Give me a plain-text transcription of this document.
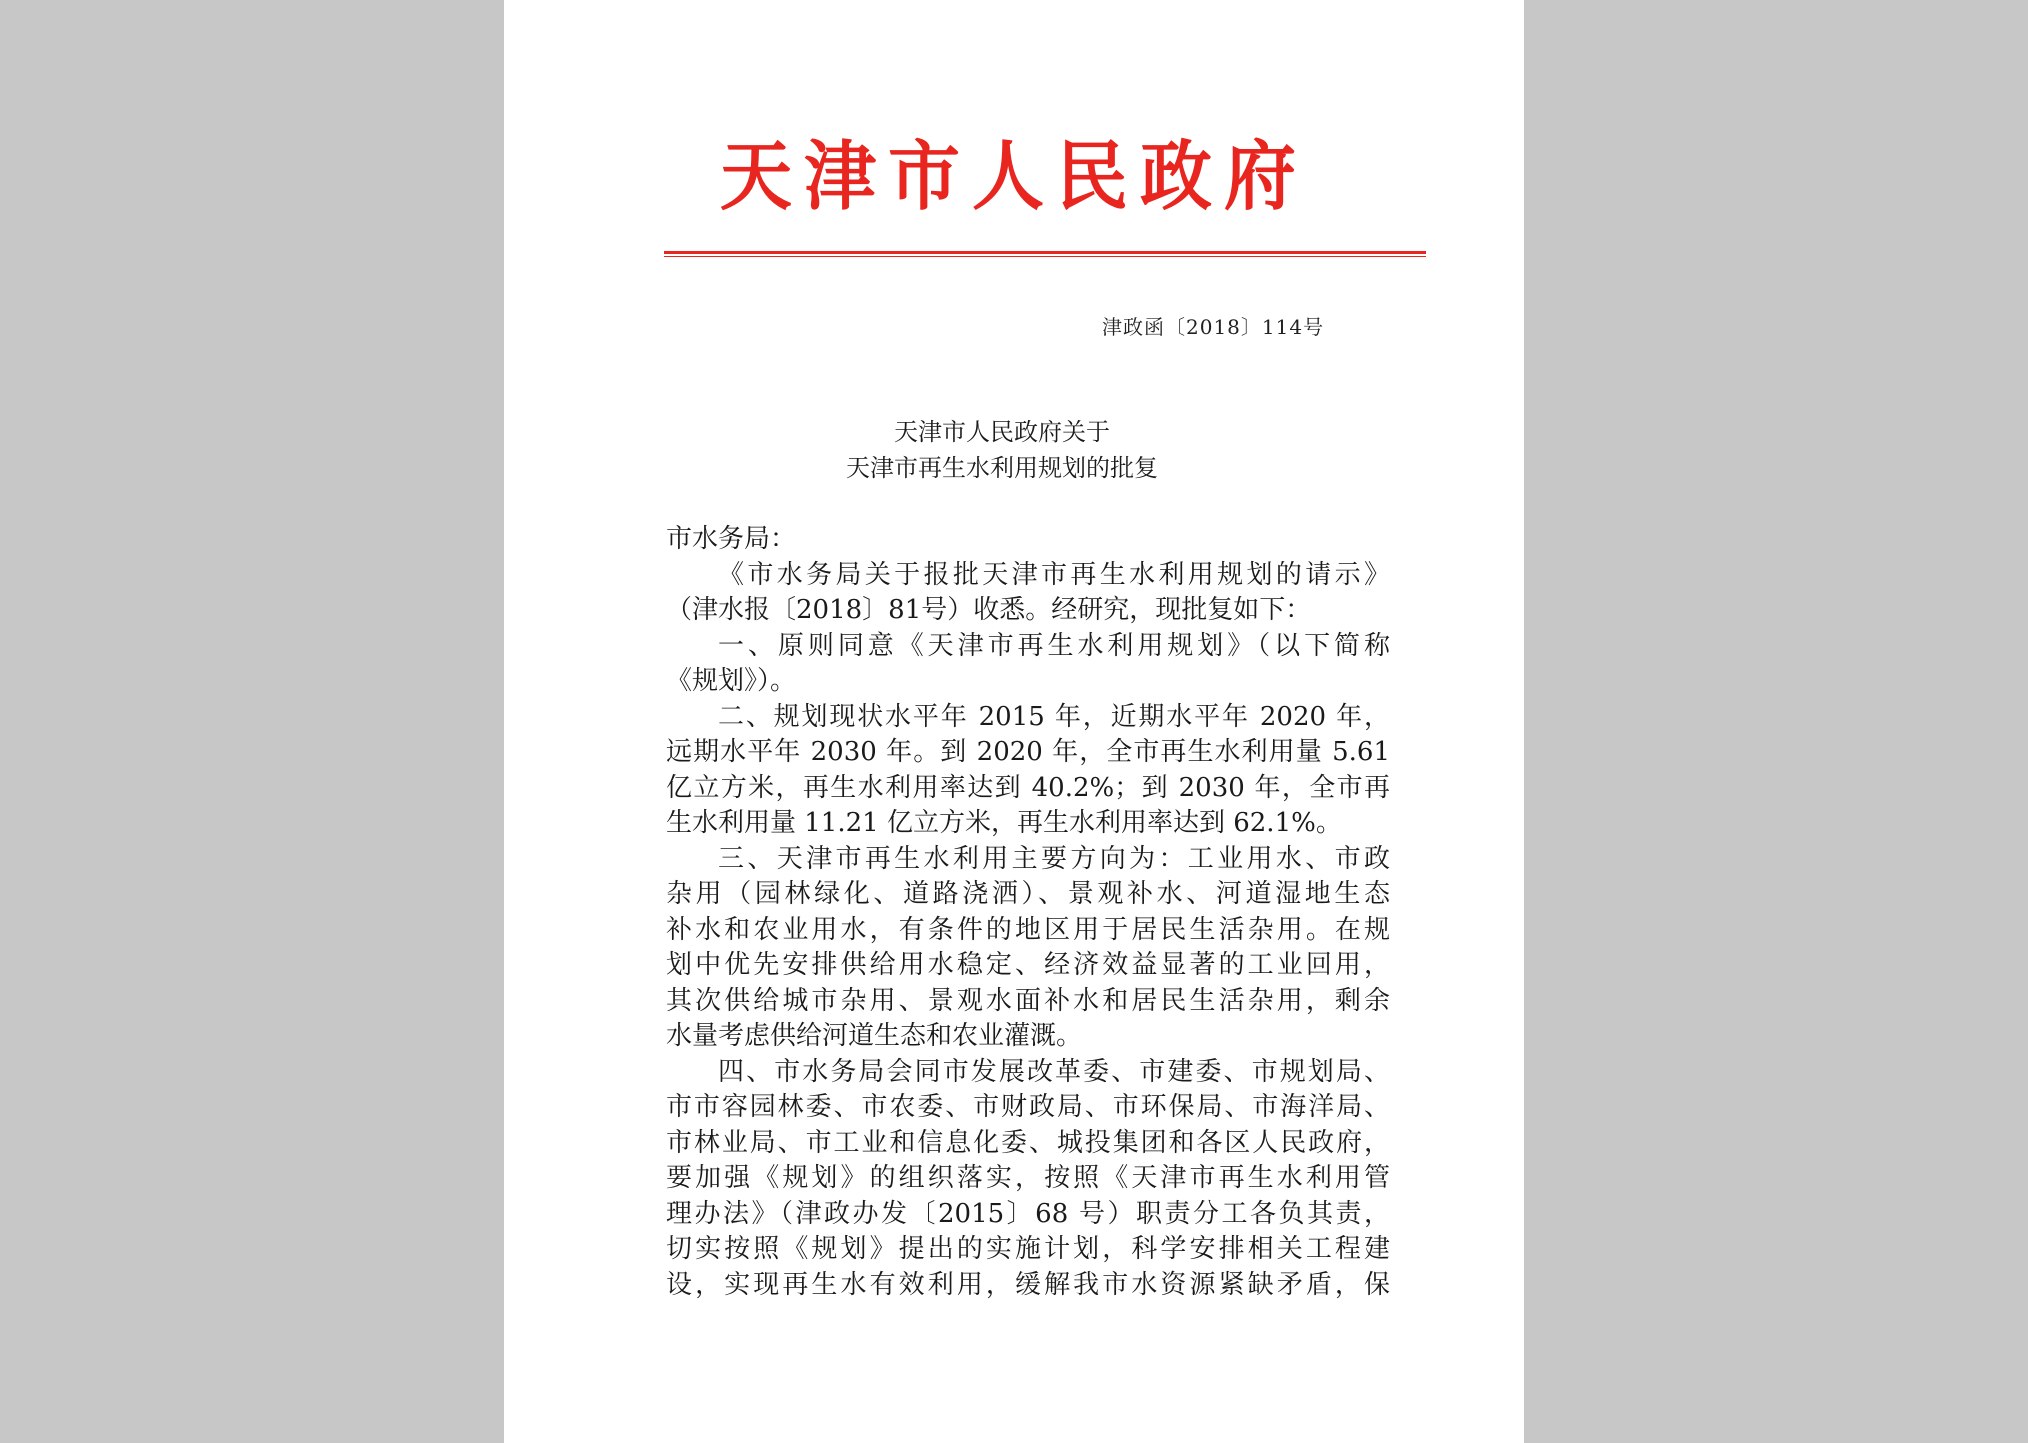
天津市人民政府
津政函〔2018〕114号
天津市人民政府关于
天津市再生水利用规划的批复
市水务局：
《市水务局关于报批天津市再生水利用规划的请示》
（津水报〔2018〕81号）收悉。经研究，现批复如下：
一、原则同意《天津市再生水利用规划》（以下简称
《规划》）。
二、规划现状水平年 2015 年，近期水平年 2020 年，
远期水平年 2030 年。到 2020 年，全市再生水利用量 5.61
亿立方米，再生水利用率达到 40.2%；到 2030 年，全市再
生水利用量 11.21 亿立方米，再生水利用率达到 62.1%。
三、天津市再生水利用主要方向为：工业用水、市政
杂用（园林绿化、道路浇洒）、景观补水、河道湿地生态
补水和农业用水，有条件的地区用于居民生活杂用。在规
划中优先安排供给用水稳定、经济效益显著的工业回用，
其次供给城市杂用、景观水面补水和居民生活杂用，剩余
水量考虑供给河道生态和农业灌溉。
四、市水务局会同市发展改革委、市建委、市规划局、
市市容园林委、市农委、市财政局、市环保局、市海洋局、
市林业局、市工业和信息化委、城投集团和各区人民政府，
要加强《规划》的组织落实，按照《天津市再生水利用管
理办法》（津政办发〔2015〕68 号）职责分工各负其责，
切实按照《规划》提出的实施计划，科学安排相关工程建
设，实现再生水有效利用，缓解我市水资源紧缺矛盾，保
